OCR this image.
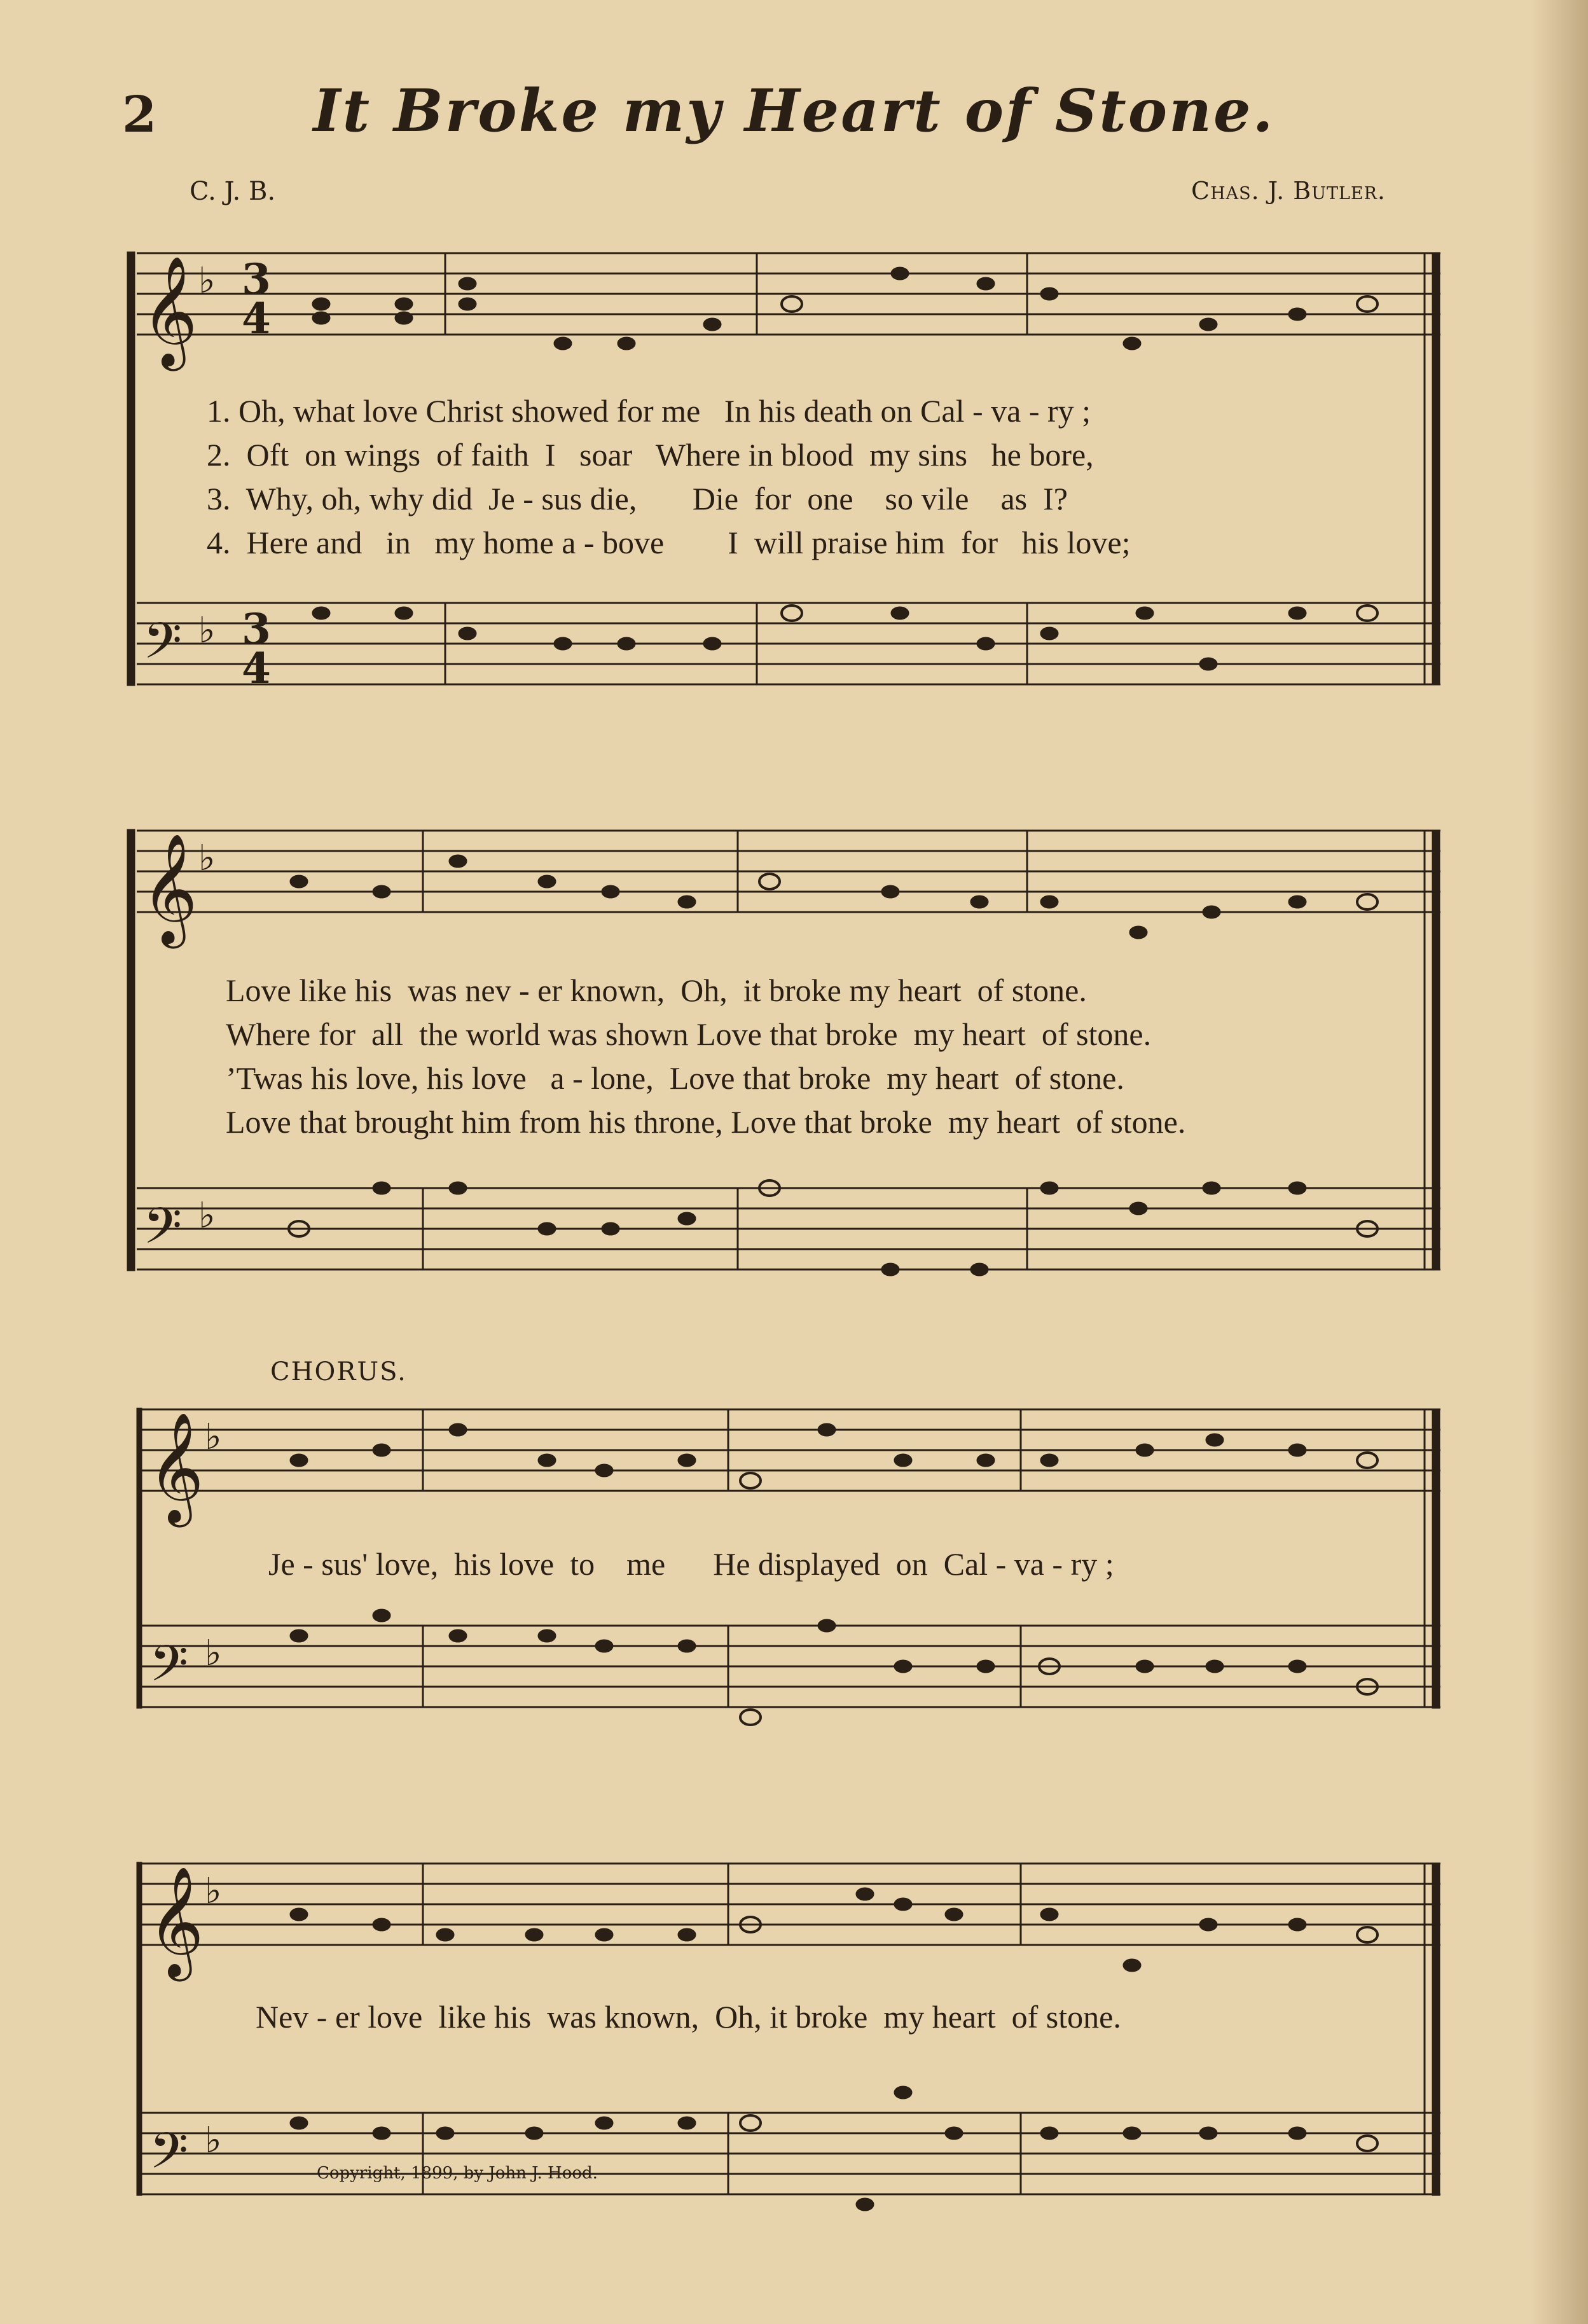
2	It Broke my Heart of Stone.
C. J. B.	Chas. J. Butler.
𝄞
𝄢
♭
♭
3
4
3
4
𝄞
𝄢
♭
♭
𝄞
𝄢
♭
♭
𝄞
𝄢
♭
♭
1. Oh, what love Christ showed for me   In his death on Cal - va - ry ;
2.  Oft  on wings  of faith  I   soar   Where in blood  my sins   he bore,
3.  Why, oh, why did  Je - sus die,       Die  for  one    so vile    as  I?
4.  Here and   in   my home a - bove        I  will praise him  for   his love;
Love like his  was nev - er known,  Oh,  it broke my heart  of stone.
Where for  all  the world was shown Love that broke  my heart  of stone.
’Twas his love, his love   a - lone,  Love that broke  my heart  of stone.
Love that brought him from his throne, Love that broke  my heart  of stone.
CHORUS.
Je - sus' love,  his love  to    me      He displayed  on  Cal - va - ry ;
Nev - er love  like his  was known,  Oh, it broke  my heart  of stone.
Copyright, 1899, by John J. Hood.
